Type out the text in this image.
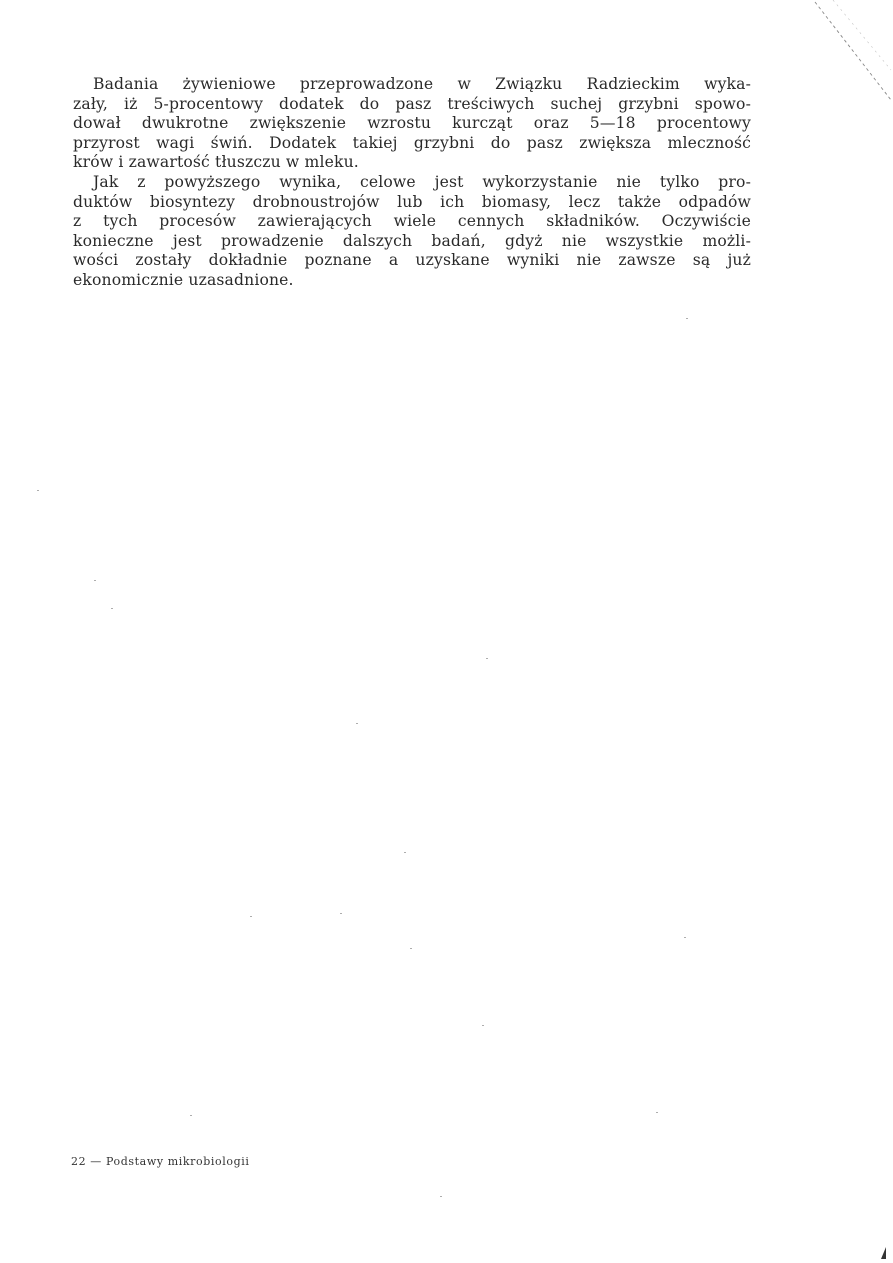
Badania żywieniowe przeprowadzone w Związku Radzieckim wyka-
zały, iż 5-procentowy dodatek do pasz treściwych suchej grzybni spowo-
dował dwukrotne zwiększenie wzrostu kurcząt oraz 5—18 procentowy
przyrost wagi świń. Dodatek takiej grzybni do pasz zwiększa mleczność
krów i zawartość tłuszczu w mleku.
Jak z powyższego wynika, celowe jest wykorzystanie nie tylko pro-
duktów biosyntezy drobnoustrojów lub ich biomasy, lecz także odpadów
z tych procesów zawierających wiele cennych składników. Oczywiście
konieczne jest prowadzenie dalszych badań, gdyż nie wszystkie możli-
wości zostały dokładnie poznane a uzyskane wyniki nie zawsze są już
ekonomicznie uzasadnione.
22 — Podstawy mikrobiologii
